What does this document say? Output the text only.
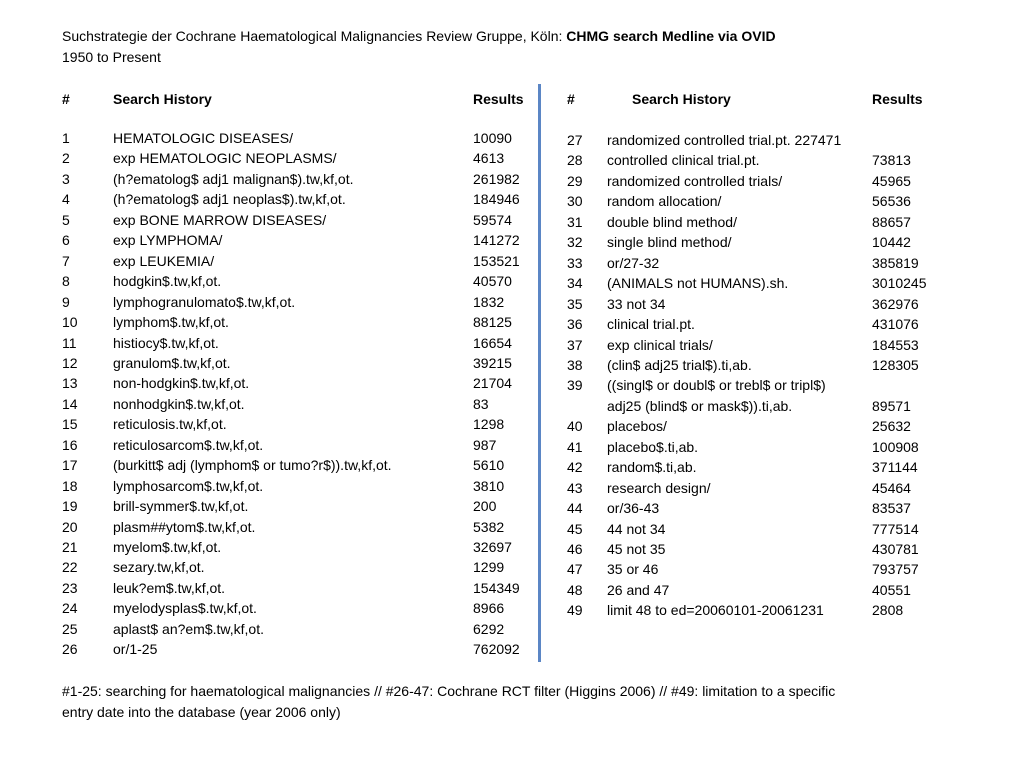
Suchstrategie der Cochrane Haematological Malignancies Review Gruppe, Köln: CHMG search Medline via OVID
1950 to Present
#	Search History	Results	#	Search History	Results
1	HEMATOLOGIC DISEASES/	10090
2	exp HEMATOLOGIC NEOPLASMS/	4613
3	(h?ematolog$ adj1 malignan$).tw,kf,ot.	261982
4	(h?ematolog$ adj1 neoplas$).tw,kf,ot.	184946
5	exp BONE MARROW DISEASES/	59574
6	exp LYMPHOMA/	141272
7	exp LEUKEMIA/	153521
8	hodgkin$.tw,kf,ot.	40570
9	lymphogranulomato$.tw,kf,ot.	1832
10	lymphom$.tw,kf,ot.	88125
11	histiocy$.tw,kf,ot.	16654
12	granulom$.tw,kf,ot.	39215
13	non-hodgkin$.tw,kf,ot.	21704
14	nonhodgkin$.tw,kf,ot.	83
15	reticulosis.tw,kf,ot.	1298
16	reticulosarcom$.tw,kf,ot.	987
17	(burkitt$ adj (lymphom$ or tumo?r$)).tw,kf,ot.	5610
18	lymphosarcom$.tw,kf,ot.	3810
19	brill-symmer$.tw,kf,ot.	200
20	plasm##ytom$.tw,kf,ot.	5382
21	myelom$.tw,kf,ot.	32697
22	sezary.tw,kf,ot.	1299
23	leuk?em$.tw,kf,ot.	154349
24	myelodysplas$.tw,kf,ot.	8966
25	aplast$ an?em$.tw,kf,ot.	6292
26	or/1-25	762092
27 randomized controlled trial.pt. 227471
28 controlled clinical trial.pt.	73813
29 randomized controlled trials/	45965
30 random allocation/	56536
31 double blind method/	88657
32 single blind method/	10442
33 or/27-32	385819
34 (ANIMALS not HUMANS).sh.	3010245
35 33 not 34	362976
36 clinical trial.pt.	431076
37 exp clinical trials/	184553
38 (clin$ adj25 trial$).ti,ab.	128305
39 ((singl$ or doubl$ or trebl$ or tripl$)
adj25 (blind$ or mask$)).ti,ab.	89571
40 placebos/	25632
41 placebo$.ti,ab.	100908
42 random$.ti,ab.	371144
43 research design/	45464
44 or/36-43	83537
45 44 not 34	777514
46 45 not 35	430781
47 35 or 46	793757
48 26 and 47	40551
49 limit 48 to ed=20060101-20061231	2808
#1-25: searching for haematological malignancies // #26-47: Cochrane RCT filter (Higgins 2006) // #49: limitation to a specific
entry date into the database (year 2006 only)
